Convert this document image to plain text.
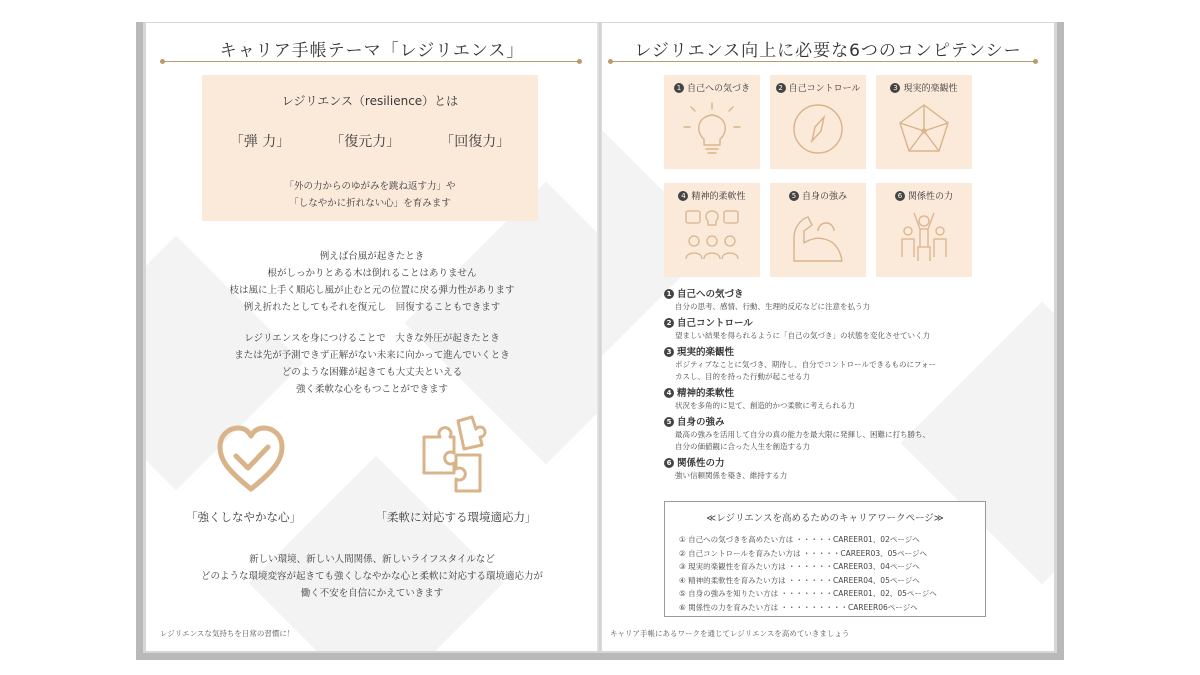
キャリア手帳テーマ「レジリエンス」
レジリエンス（resilience）とは
「弾 力」	「復元力」	「回復力」
「外の力からのゆがみを跳ね返す力」や
「しなやかに折れない心」を育みます
例えば台風が起きたとき
根がしっかりとある木は倒れることはありません
枝は風に上手く順応し風が止むと元の位置に戻る弾力性があります
例え折れたとしてもそれを復元し　回復することもできます
レジリエンスを身につけることで　大きな外圧が起きたとき
または先が予測できず正解がない未来に向かって進んでいくとき
どのような困難が起きても大丈夫といえる
強く柔軟な心をもつことができます
「強くしなやかな心」	「柔軟に対応する環境適応力」
新しい環境、新しい人間関係、新しいライフスタイルなど
どのような環境変容が起きても強くしなやかな心と柔軟に対応する環境適応力が
働く不安を自信にかえていきます
レジリエンスな気持ちを日常の習慣に！
レジリエンス向上に必要な6つのコンピテンシー
1 自己への気づき	2 自己コントロール	3 現実的楽観性
4 精神的柔軟性	5 自身の強み	6 関係性の力
1 自己への気づき
自分の思考、感情、行動、生理的反応などに注意を払う力
2 自己コントロール
望ましい結果を得られるように「自己の気づき」の状態を変化させていく力
3 現実的楽観性
ポジティブなことに気づき、期待し、自分でコントロールできるものにフォー
カスし、目的を持った行動が起こせる力
4 精神的柔軟性
状況を多角的に見て、創造的かつ柔軟に考えられる力
5 自身の強み
最高の強みを活用して自分の真の能力を最大限に発揮し、困難に打ち勝ち、
自分の価値観に合った人生を創造する力
6 関係性の力
強い信頼関係を築き、維持する力
≪レジリエンスを高めるためのキャリアワークページ≫
① 自己への気づきを高めたい方は ・・・・・CAREER01、02ページへ
② 自己コントロールを育みたい方は ・・・・・CAREER03、05ページへ
③ 現実的楽観性を育みたい方は ・・・・・・CAREER03、04ページへ
④ 精神的柔軟性を育みたい方は ・・・・・・CAREER04、05ページへ
⑤ 自身の強みを知りたい方は ・・・・・・・CAREER01、02、05ページへ
⑥ 関係性の力を育みたい方は ・・・・・・・・・CAREER06ページへ
キャリア手帳にあるワークを通じてレジリエンスを高めていきましょう
